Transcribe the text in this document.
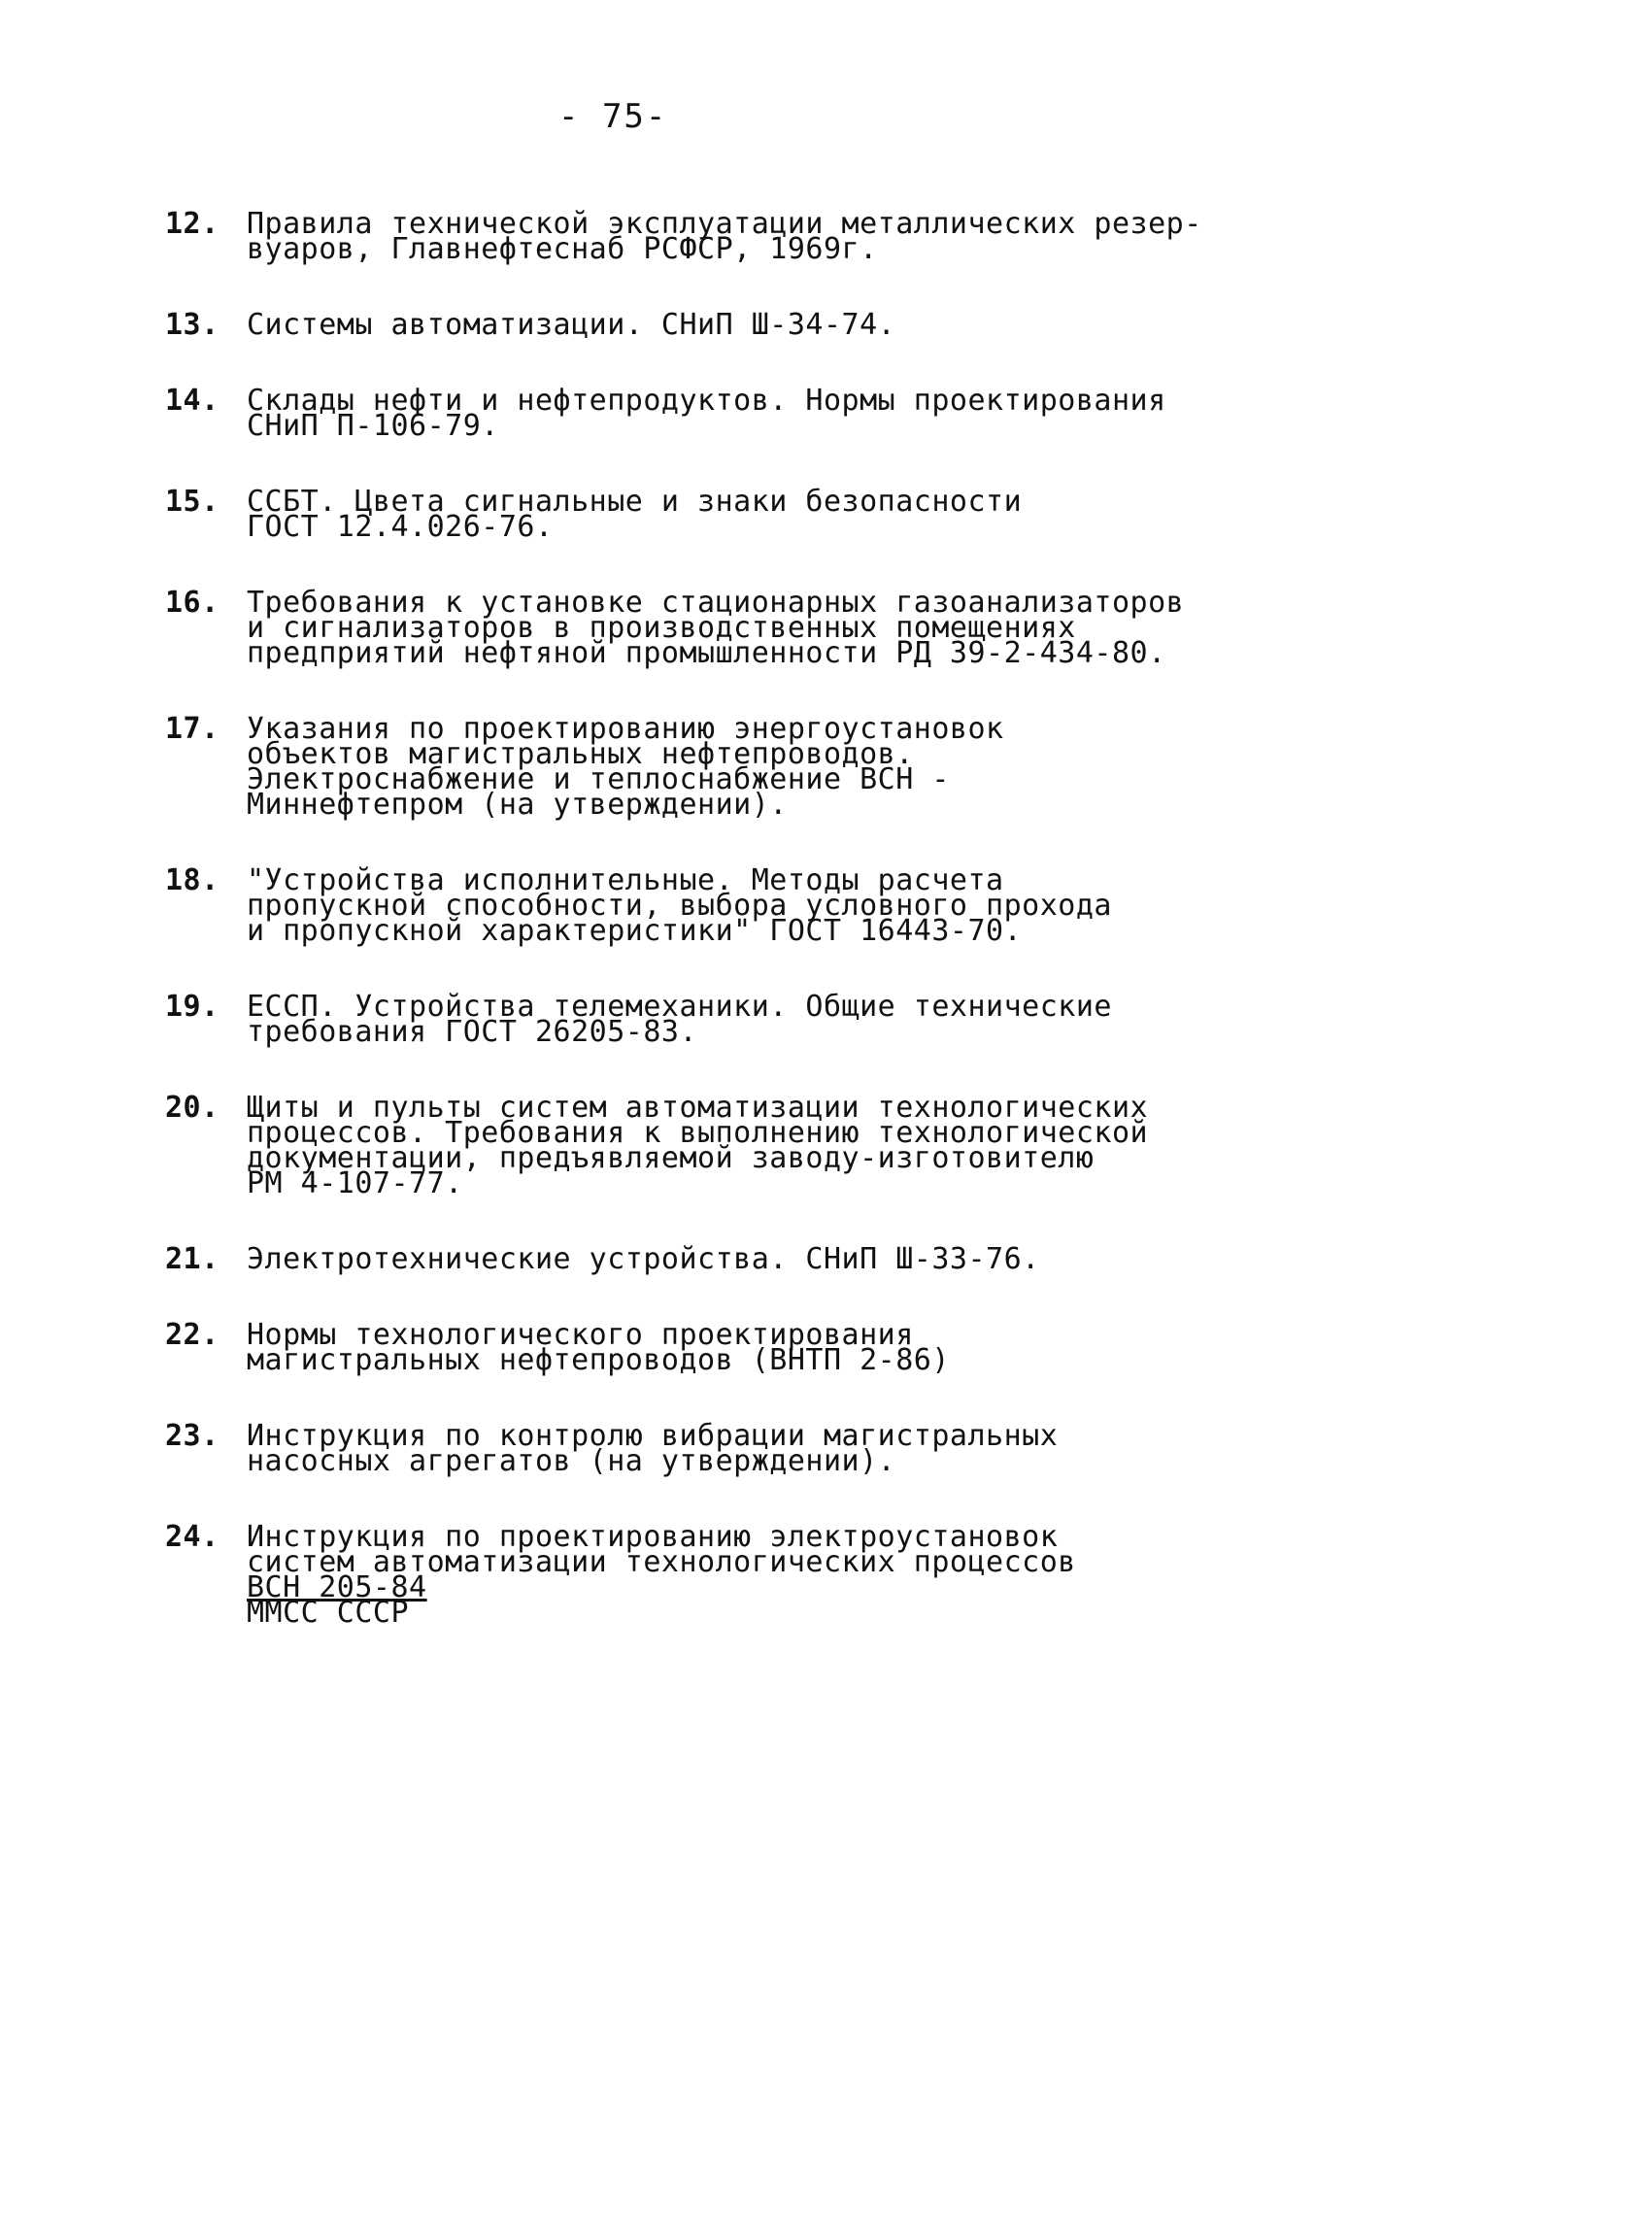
- 75-
12. Правила технической эксплуатации металлических резер-
вуаров, Главнефтеснаб РСФСР, 1969г.
13. Системы автоматизации. СНиП Ш-34-74.
14. Склады нефти и нефтепродуктов. Нормы проектирования
СНиП П-106-79.
15. ССБТ. Цвета сигнальные и знаки безопасности
ГОСТ 12.4.026-76.
16. Требования к установке стационарных газоанализаторов
и сигнализаторов в производственных помещениях
предприятий нефтяной промышленности РД 39-2-434-80.
17. Указания по проектированию энергоустановок
объектов магистральных нефтепроводов.
Электроснабжение и теплоснабжение ВСН -
Миннефтепром (на утверждении).
18. "Устройства исполнительные. Методы расчета
пропускной способности, выбора условного прохода
и пропускной характеристики" ГОСТ 16443-70.
19. ЕССП. Устройства телемеханики. Общие технические
требования ГОСТ 26205-83.
20. Щиты и пульты систем автоматизации технологических
процессов. Требования к выполнению технологической
документации, предъявляемой заводу-изготовителю
РМ 4-107-77.
21. Электротехнические устройства. СНиП Ш-33-76.
22. Нормы технологического проектирования
магистральных нефтепроводов (ВНТП 2-86)
23. Инструкция по контролю вибрации магистральных
насосных агрегатов (на утверждении).
24. Инструкция по проектированию электроустановок
систем автоматизации технологических процессов
ВСН 205-84
ММСС СССР
